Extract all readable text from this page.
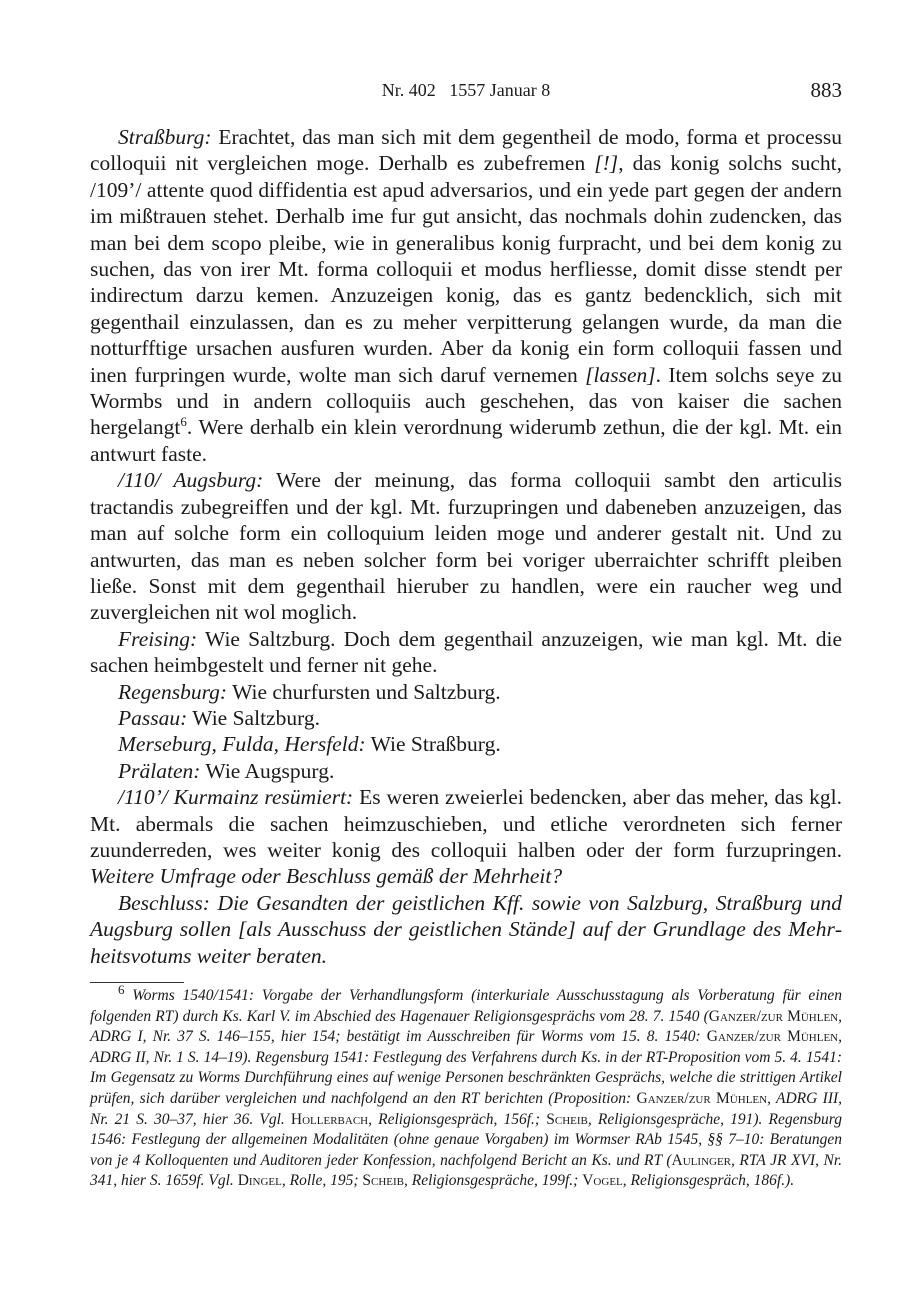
Nr. 402   1557 Januar 8	883

Straßburg: Erachtet, das man sich mit dem gegentheil de modo, forma et processu colloquii nit vergleichen moge. Derhalb es zubefremen [!], das konig solchs sucht, /109’/ attente quod diffidentia est apud adversarios, und ein yede part gegen der andern im mißtrauen stehet. Derhalb ime fur gut ansicht, das nochmals dohin zudencken, das man bei dem scopo pleibe, wie in generalibus konig furpracht, und bei dem konig zu suchen, das von irer Mt. forma colloquii et modus herfliesse, domit disse stendt per indirectum darzu kemen. Anzuzeigen konig, das es gantz bedencklich, sich mit gegenthail einzulassen, dan es zu meher verpitterung gelangen wurde, da man die notturfftige ursachen ausfuren wurden. Aber da konig ein form colloquii fassen und inen furpringen wurde, wolte man sich daruf vernemen [lassen]. Item solchs seye zu Wormbs und in andern colloquiis auch geschehen, das von kaiser die sachen hergelangt$^6$. Were derhalb ein klein verordnung widerumb zethun, die der kgl. Mt. ein antwurt faste.

/110/ Augsburg: Were der meinung, das forma colloquii sambt den articulis tractandis zubegreiffen und der kgl. Mt. furzupringen und dabeneben anzuzeigen, das man auf solche form ein colloquium leiden moge und anderer gestalt nit. Und zu antwurten, das man es neben solcher form bei voriger uberraichter schrifft pleiben ließe. Sonst mit dem gegenthail hieruber zu handlen, were ein raucher weg und zuvergleichen nit wol moglich.

Freising: Wie Saltzburg. Doch dem gegenthail anzuzeigen, wie man kgl. Mt. die sachen heimbgestelt und ferner nit gehe.

Regensburg: Wie churfursten und Saltzburg.

Passau: Wie Saltzburg.

Merseburg, Fulda, Hersfeld: Wie Straßburg.

Prälaten: Wie Augspurg.

/110’/ Kurmainz resümiert: Es weren zweierlei bedencken, aber das meher, das kgl. Mt. abermals die sachen heimzuschieben, und etliche verordneten sich ferner zuunderreden, wes weiter konig des colloquii halben oder der form furzupringen. Weitere Umfrage oder Beschluss gemäß der Mehrheit?

Beschluss: Die Gesandten der geistlichen Kff. sowie von Salzburg, Straßburg und Augsburg sollen [als Ausschuss der geistlichen Stände] auf der Grundlage des Mehrheitsvotums weiter beraten.

$^6$ Worms 1540/1541: Vorgabe der Verhandlungsform (interkuriale Ausschusstagung als Vorberatung für einen folgenden RT) durch Ks. Karl V. im Abschied des Hagenauer Religionsgesprächs vom 28. 7. 1540 (Ganzer/zur Mühlen, ADRG I, Nr. 37 S. 146–155, hier 154; bestätigt im Ausschreiben für Worms vom 15. 8. 1540: Ganzer/zur Mühlen, ADRG II, Nr. 1 S. 14–19). Regensburg 1541: Festlegung des Verfahrens durch Ks. in der RT-Proposition vom 5. 4. 1541: Im Gegensatz zu Worms Durchführung eines auf wenige Personen beschränkten Gesprächs, welche die strittigen Artikel prüfen, sich darüber vergleichen und nachfolgend an den RT berichten (Proposition: Ganzer/zur Mühlen, ADRG III, Nr. 21 S. 30–37, hier 36. Vgl. Hollerbach, Religionsgespräch, 156f.; Scheib, Religionsgespräche, 191). Regensburg 1546: Festlegung der allgemeinen Modalitäten (ohne genaue Vorgaben) im Wormser RAb 1545, §§ 7–10: Beratungen von je 4 Kolloquenten und Auditoren jeder Konfession, nachfolgend Bericht an Ks. und RT (Aulinger, RTA JR XVI, Nr. 341, hier S. 1659f. Vgl. Dingel, Rolle, 195; Scheib, Religionsgespräche, 199f.; Vogel, Religionsgespräch, 186f.).
